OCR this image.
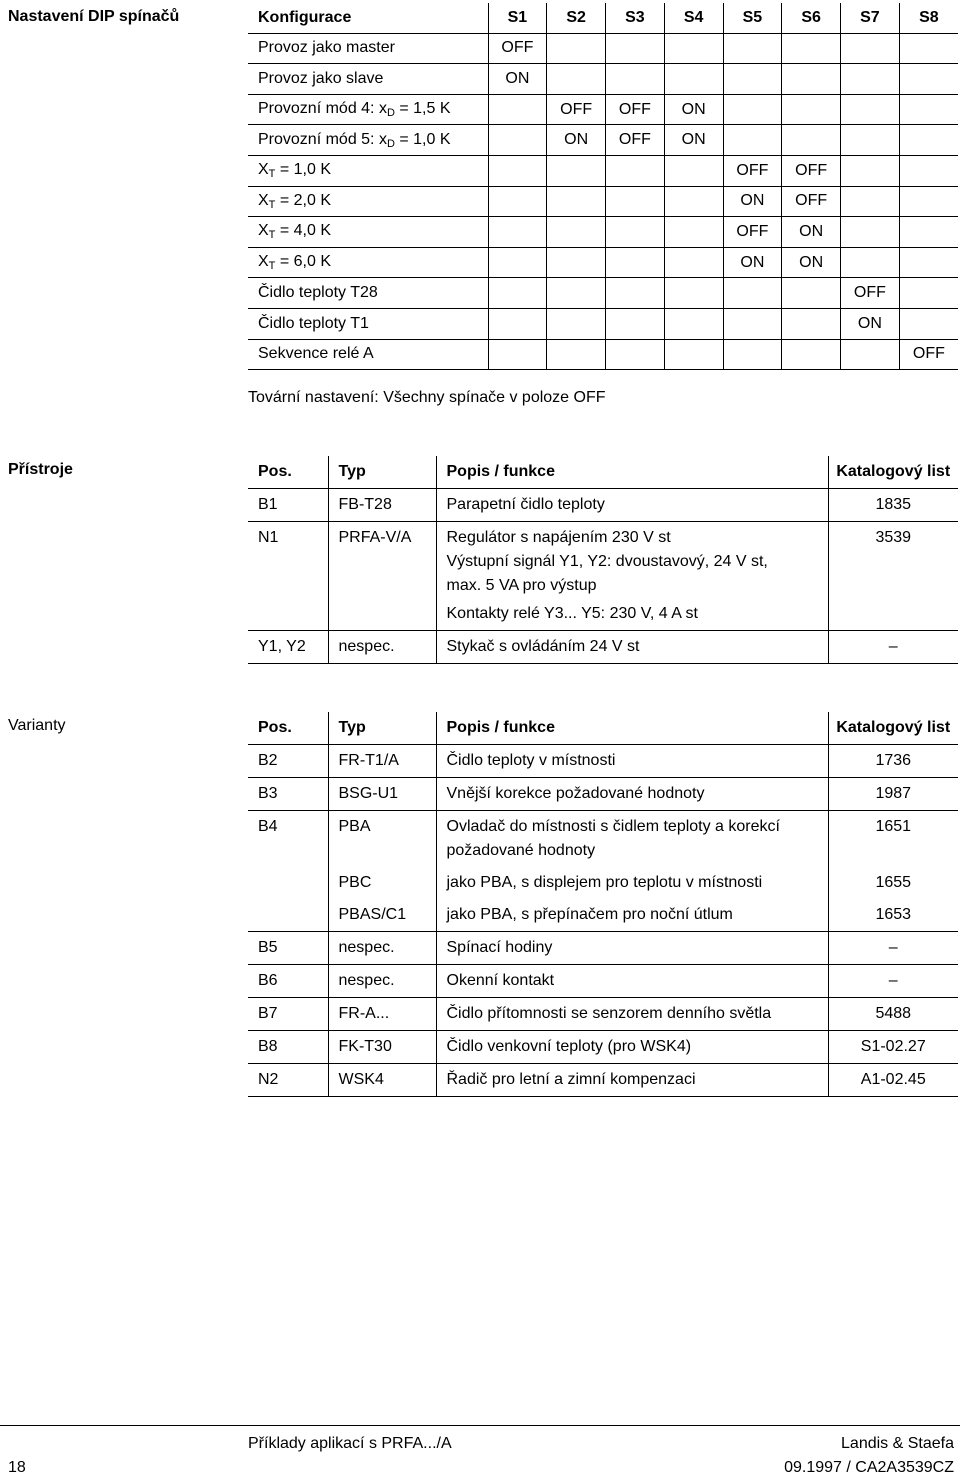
Nastavení DIP spínačů	Konfigurace	S1	S2	S3	S4	S5	S6	S7	S8
Provoz jako master	OFF							
Provoz jako slave	ON							
Provozní mód 4: $x_D = 1,5$ K		OFF	OFF	ON				
Provozní mód 5: $x_D = 1,0$ K		ON	OFF	ON				
$X_T = 1,0$ K					OFF	OFF		
$X_T = 2,0$ K					ON	OFF		
$X_T = 4,0$ K					OFF	ON		
$X_T = 6,0$ K					ON	ON		
Čidlo teploty T28							OFF	
Čidlo teploty T1							ON	
Sekvence relé A								OFF
Tovární nastavení: Všechny spínače v poloze OFF
Přístroje	Pos.	Typ	Popis / funkce	Katalogový list
B1	FB-T28	Parapetní čidlo teploty	1835
N1	PRFA-V/A	Regulátor s napájením 230 V st
Výstupní signál Y1, Y2: dvoustavový, 24 V st,
max. 5 VA pro výstup
Kontakty relé Y3... Y5: 230 V, 4 A st	3539
Y1, Y2	nespec.	Stykač s ovládáním 24 V st	–
Varianty	Pos.	Typ	Popis / funkce	Katalogový list
B2	FR-T1/A	Čidlo teploty v místnosti	1736
B3	BSG-U1	Vnější korekce požadované hodnoty	1987
B4	PBA	Ovladač do místnosti s čidlem teploty a korekcí
požadované hodnoty	1651
	PBC	jako PBA, s displejem pro teplotu v místnosti	1655
	PBAS/C1	jako PBA, s přepínačem pro noční útlum	1653
B5	nespec.	Spínací hodiny	–
B6	nespec.	Okenní kontakt	–
B7	FR-A...	Čidlo přítomnosti se senzorem denního světla	5488
B8	FK-T30	Čidlo venkovní teploty (pro WSK4)	S1-02.27
N2	WSK4	Řadič pro letní a zimní kompenzaci	A1-02.45
Příklady aplikací s PRFA.../A	Landis & Staefa
18	09.1997 / CA2A3539CZ
